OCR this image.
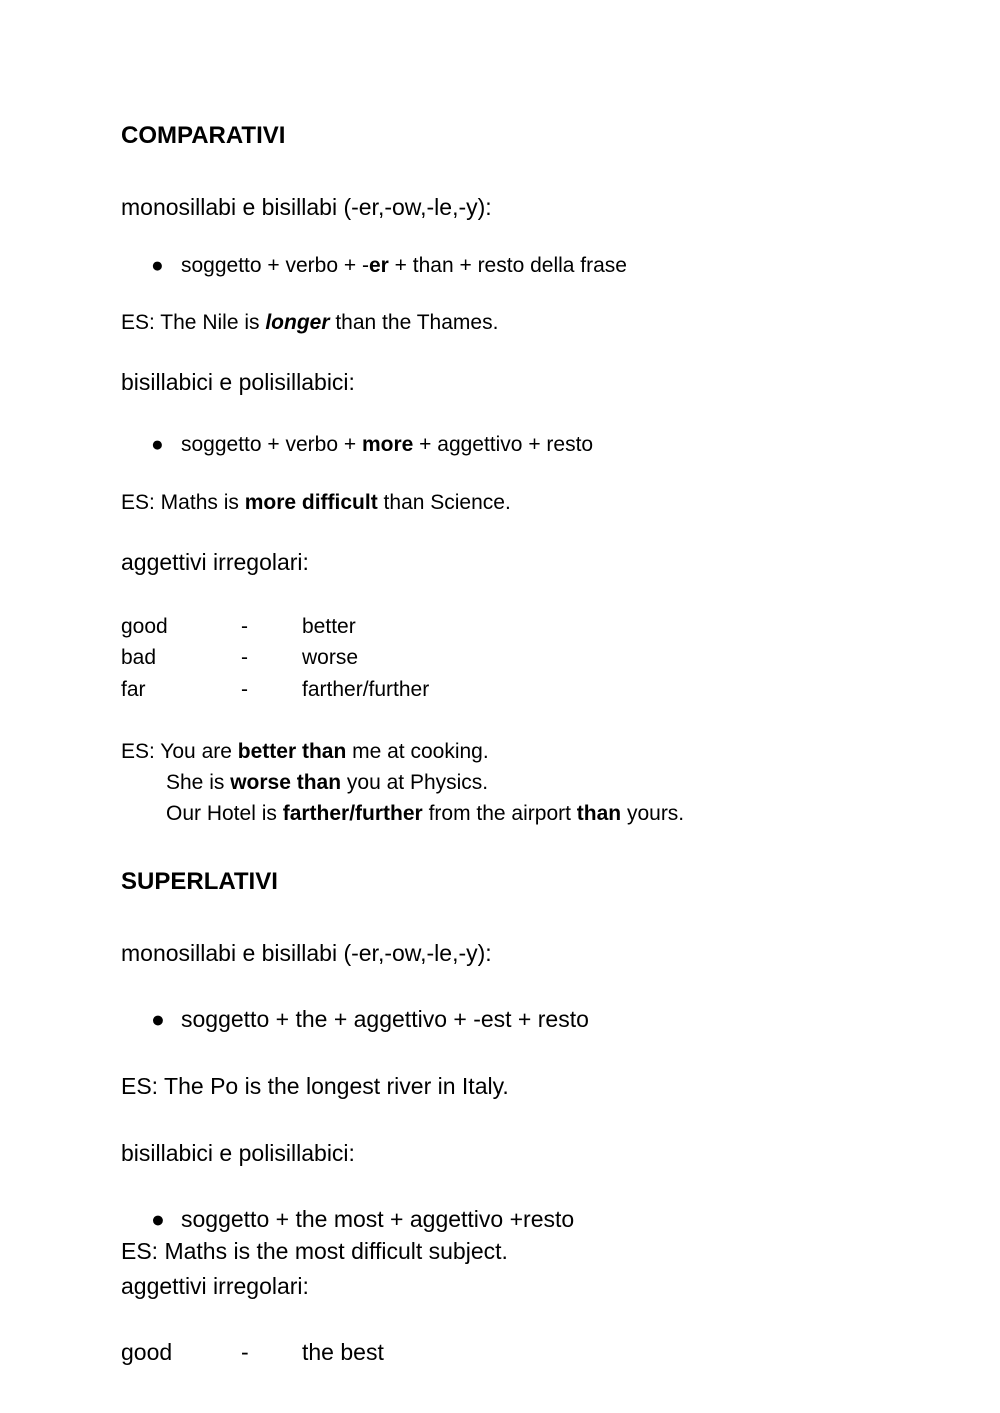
COMPARATIVI
monosillabi e bisillabi (-er,-ow,-le,-y):
● soggetto + verbo + -er + than + resto della frase
ES: The Nile is longer than the Thames.
bisillabici e polisillabici:
● soggetto + verbo + more + aggettivo + resto
ES: Maths is more difficult than Science.
aggettivi irregolari:
good	-	better
bad	-	worse
far	-	farther/further
ES: You are better than me at cooking.
She is worse than you at Physics.
Our Hotel is farther/further from the airport than yours.
SUPERLATIVI
monosillabi e bisillabi (-er,-ow,-le,-y):
● soggetto + the + aggettivo + -est + resto
ES: The Po is the longest river in Italy.
bisillabici e polisillabici:
● soggetto + the most + aggettivo +resto
ES: Maths is the most difficult subject.
aggettivi irregolari:
good	- the best
